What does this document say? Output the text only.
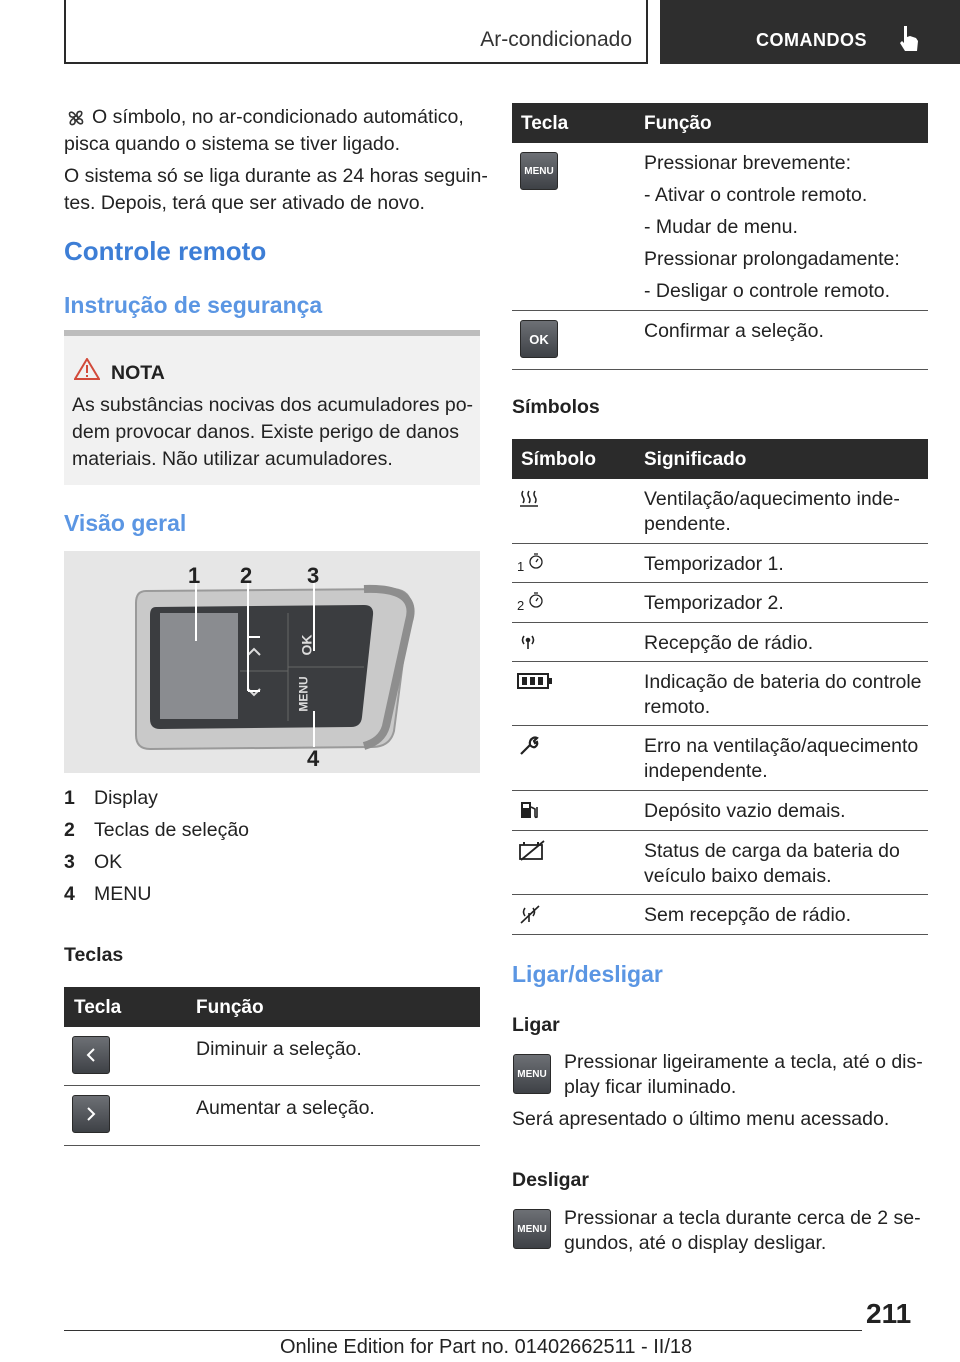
Ar-condicionado	COMANDOS
O símbolo, no ar-condicionado automático,
pisca quando o sistema se tiver ligado.
O sistema só se liga durante as 24 horas seguin-
tes. Depois, terá que ser ativado de novo.
Controle remoto
Instrução de segurança
NOTA
As substâncias nocivas dos acumuladores po-
dem provocar danos. Existe perigo de danos
materiais. Não utilizar acumuladores.
Visão geral
1 2 3
4
OK
MENU
1 Display
2 Teclas de seleção
3 OK
4 MENU
Teclas
Tecla	Função
Diminuir a seleção.
Aumentar a seleção.
Tecla	Função
MENU	Pressionar brevemente:
- Ativar o controle remoto.
- Mudar de menu.
Pressionar prolongadamente:
- Desligar o controle remoto.
OK	Confirmar a seleção.
Símbolos
Símbolo	Significado
Ventilação/aquecimento inde-
pendente.
1	Temporizador 1.
2	Temporizador 2.
Recepção de rádio.
Indicação de bateria do controle
remoto.
Erro na ventilação/aquecimento
independente.
Depósito vazio demais.
Status de carga da bateria do
veículo baixo demais.
Sem recepção de rádio.
Ligar/desligar
Ligar
MENU
Pressionar ligeiramente a tecla, até o dis-
play ficar iluminado.
Será apresentado o último menu acessado.
Desligar
MENU Pressionar a tecla durante cerca de 2 se-
gundos, até o display desligar.
211
Online Edition for Part no. 01402662511 - II/18
